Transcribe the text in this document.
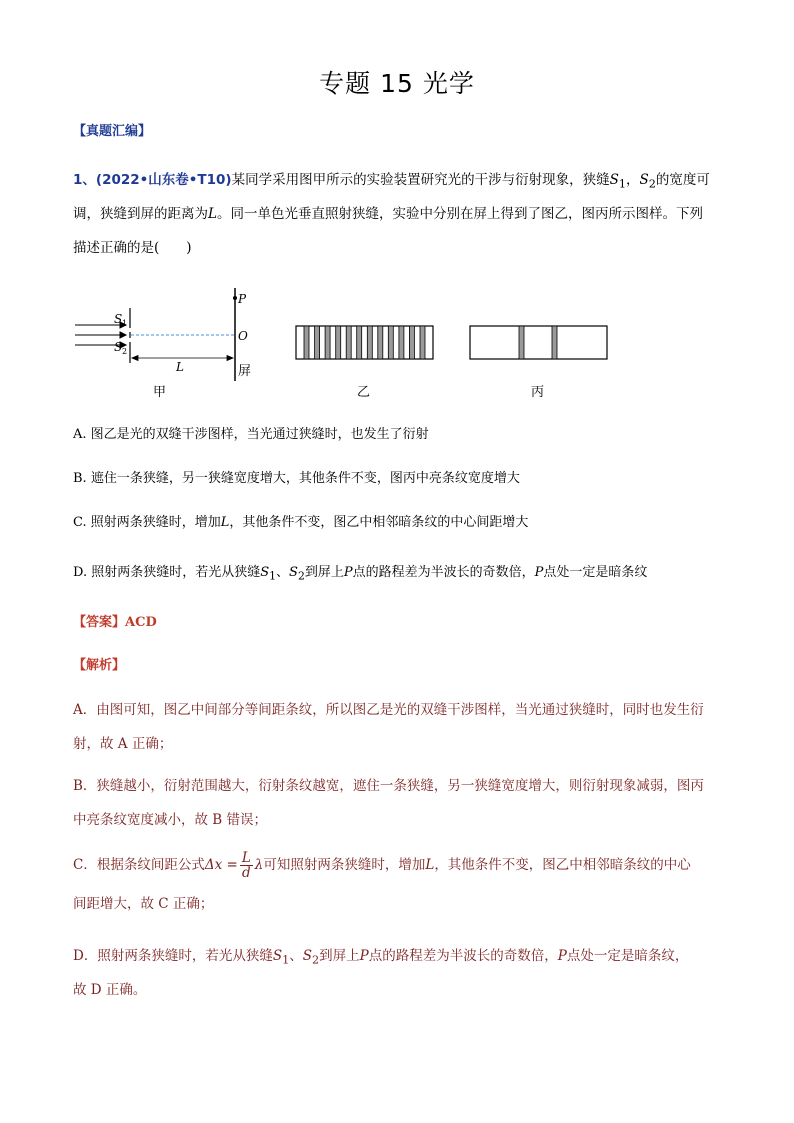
专题 15 光学
【真题汇编】
1、(2022•山东卷•T10)某同学采用图甲所示的实验装置研究光的干涉与衍射现象，狭缝$S_1$，$S_2$的宽度可
调，狭缝到屏的距离为L。同一单色光垂直照射狭缝，实验中分别在屏上得到了图乙，图丙所示图样。下列
描述正确的是(　　)
S 1
S 2
L
P
O
屏
甲	乙	丙
A. 图乙是光的双缝干涉图样，当光通过狭缝时，也发生了衍射
B. 遮住一条狭缝，另一狭缝宽度增大，其他条件不变，图丙中亮条纹宽度增大
C. 照射两条狭缝时，增加L，其他条件不变，图乙中相邻暗条纹的中心间距增大
D. 照射两条狭缝时，若光从狭缝$S_1$、$S_2$到屏上P点的路程差为半波长的奇数倍，P点处一定是暗条纹
【答案】ACD
【解析】
A．由图可知，图乙中间部分等间距条纹，所以图乙是光的双缝干涉图样，当光通过狭缝时，同时也发生衍
射，故 A 正确；
B．狭缝越小，衍射范围越大，衍射条纹越宽，遮住一条狭缝，另一狭缝宽度增大，则衍射现象减弱，图丙
中亮条纹宽度减小，故 B 错误；
C．根据条纹间距公式$\Delta x = \frac{L}{d}$ λ可知照射两条狭缝时，增加L，其他条件不变，图乙中相邻暗条纹的中心
间距增大，故 C 正确；
D．照射两条狭缝时，若光从狭缝$S_1$、$S_2$到屏上P点的路程差为半波长的奇数倍，P点处一定是暗条纹，
故 D 正确。
